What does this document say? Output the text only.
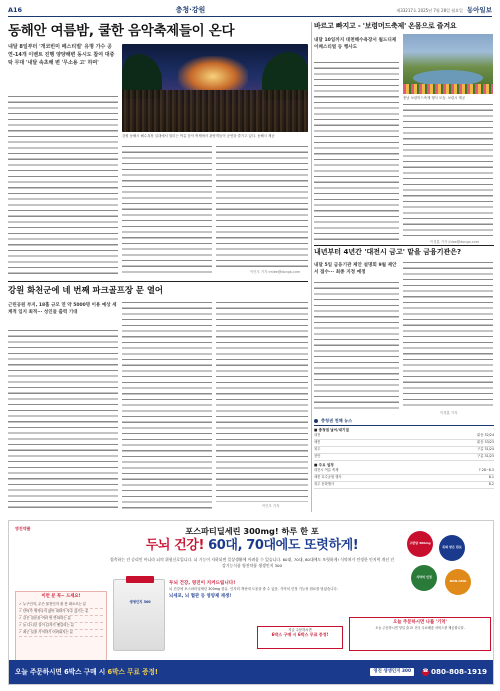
A16	충청·강원	제33217호 2025년 7월 28일 월요일 동아일보
동해안 여름밤, 쿨한 음악축제들이 온다
내달 8일부터 '개코빈미 페스티벌' 유명 가수 공연-14개 이벤트 진행 양양해변 동시도 참여 대중탁 무대 '내달 속초해 변 '무소용 고' 하며'
강원 동해시 해수욕장 일대에서 열리는 여름 음악 축제에서 관람객들이 공연을 즐기고 있다. 동해시 제공
이인모 기자 imlee@donga.com
바르고 빠지고 - '보령머드축제' 온몸으로 즐겨요
내달 10일까지 대천해수욕장서 월드디제이페스티벌 등 행사도
충남 보령머드축제 행사 모습. 보령시 제공
이정훈 기자 jhlee@donga.com
내년부터 4년간 '대전시 금고' 맡을 금융기관은?
내달 5일 금융기관 제안 설명회 9월 제안서 접수··· 최종 지정 예정
이정훈 기자
강원 화천군에 네 번째 파크골프장 문 열어
근린공원 부지, 18홀 규모 연 약 5000명 이용 예상 세계적 입지 최적··· 성인들 출력 기대
이인모 기자
충청권 천체 뉴스
■ 충청권 날씨/대기질
대전	맑음 32/24
세종	맑음 33/23
청주	구름 31/24
천안	구름 31/23
■ 주요 일정
대전시 여름 축제	7.28~8.3
세종 호수공원 행사	8.1
청주 문화행사	8.2
영진약품	포스파티딜세린 300mg! 하루 한 포
두뇌 건강! 60대, 70대에도 또렷하게!
접촉하는 건 승리인 아니라 뇌의 위험신호입니다. 뇌 기능이 저하되면 일상생활에 어려움 수 있습니다. 60대, 70대, 80대에도 또렷하게! 식약처가 인정한 인지력 개선 건강기능식품 영진약품 생생인지 300
이런 분 꼭~ 드세요!
✓ 누구인지, 무슨 물건인지 잘 못 떠오르는 분
✓ 단어가 생각나지 않아 대화가 자주 끊기는 분
✓ 같은 질문을 여러 번 반복하는 분
✓ 늘 다니던 길이 갑자기 헷갈리는 분
✓ 최근 일을 기억하기 어려워지는 분
생생인지 300
두뇌 건강, 영진이 지켜드립니다!

뇌 건강에 포스파티딜세린 300mg 함유. 인지력 개선에 도움을 줄 수 있음. 식약처 인정 기능성 원료를 담았습니다.

뇌세포, 뇌 혈관 등 영양제 재생!
지금 주문하시면
6박스 구매 시 6박스 무료 증정!
고함량 300mg
특허 받은 원료
식약처 인정
NON-GMO
오늘 주문하시면 나를 '기억'

오늘 주문하시면 당일 출고! 전국 무료배송 서비스를 제공합니다.

오늘 주문하시면 6박스 구매 시 6박스 무료 증정!	영진 생생인지 300	☎ 080-808-1919
